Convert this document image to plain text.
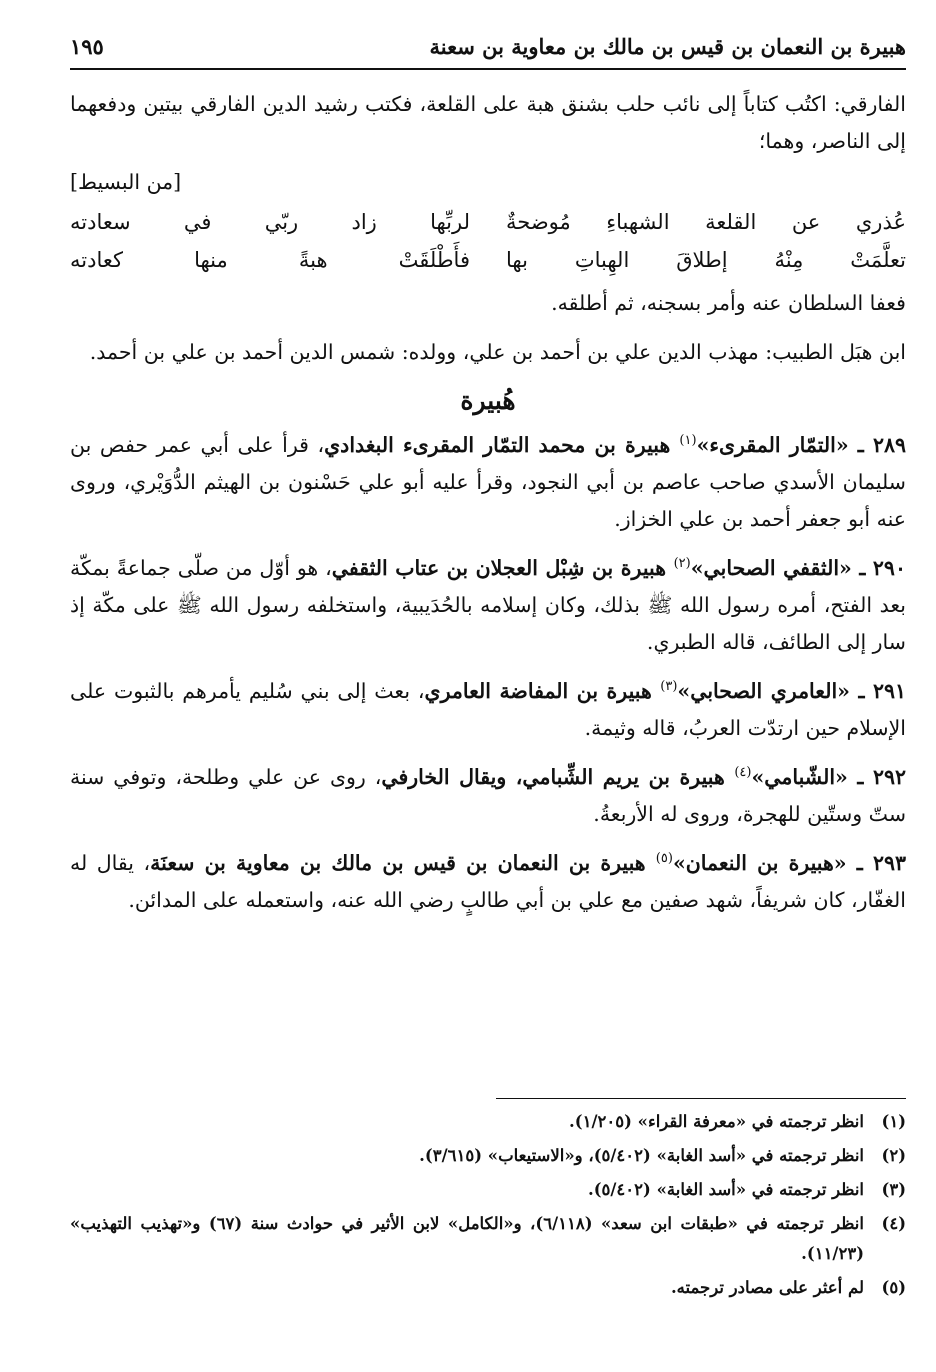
هبيرة بن النعمان بن قيس بن مالك بن معاوية بن سعنة
١٩٥

الفارقي: اكتُب كتاباً إلى نائب حلب بشنق هبة على القلعة، فكتب رشيد الدين الفارقي بيتين ودفعهما إلى الناصر، وهما؛

[من البسيط]

عُذري عن القلعة الشهباءِ مُوضحةٌ
لربِّها زاد ربّي في سعادته
تعلَّمَتْ مِنْهُ إطلاقَ الهِباتِ بها
فأَطْلَقَتْ هبةً منها كعادته

فعفا السلطان عنه وأمر بسجنه، ثم أطلقه.

ابن هبَل الطبيب: مهذب الدين علي بن أحمد بن علي، وولده: شمس الدين أحمد بن علي بن أحمد.

هُبيرة

٢٨٩ ـ «التمّار المقرىء»$^{(١)}$ هبيرة بن محمد التمّار المقرىء البغدادي، قرأ على أبي عمر حفص بن سليمان الأسدي صاحب عاصم بن أبي النجود، وقرأ عليه أبو علي حَسْنون بن الهيثم الدُّوَيْري، وروى عنه أبو جعفر أحمد بن علي الخزاز.

٢٩٠ ـ «الثقفي الصحابي»$^{(٢)}$ هبيرة بن شِبْل العجلان بن عتاب الثقفي، هو أوّل من صلّى جماعةً بمكّة بعد الفتح، أمره رسول الله ﷺ بذلك، وكان إسلامه بالحُدَيبية، واستخلفه رسول الله ﷺ على مكّة إذ سار إلى الطائف، قاله الطبري.

٢٩١ ـ «العامري الصحابي»$^{(٣)}$ هبيرة بن المفاضة العامري، بعث إلى بني سُليم يأمرهم بالثبوت على الإسلام حين ارتدّت العربُ، قاله وثيمة.

٢٩٢ ـ «الشّبامي»$^{(٤)}$ هبيرة بن يريم الشِّبامي، ويقال الخارفي، روى عن علي وطلحة، وتوفي سنة ستّ وستّين للهجرة، وروى له الأربعةُ.

٢٩٣ ـ «هبيرة بن النعمان»$^{(٥)}$ هبيرة بن النعمان بن قيس بن مالك بن معاوية بن سعنَة، يقال له الغفّار، كان شريفاً، شهد صفين مع علي بن أبي طالبٍ رضي الله عنه، واستعمله على المدائن.

(١)
انظر ترجمته في «معرفة القراء» (١/٢٠٥).
(٢)
انظر ترجمته في «أسد الغابة» (٥/٤٠٢)، و«الاستيعاب» (٣/٦١٥).
(٣)
انظر ترجمته في «أسد الغابة» (٥/٤٠٢).
(٤)
انظر ترجمته في «طبقات ابن سعد» (٦/١١٨)، و«الكامل» لابن الأثير في حوادث سنة (٦٧) و«تهذيب التهذيب» (١١/٢٣).
(٥)
لم أعثر على مصادر ترجمته.
